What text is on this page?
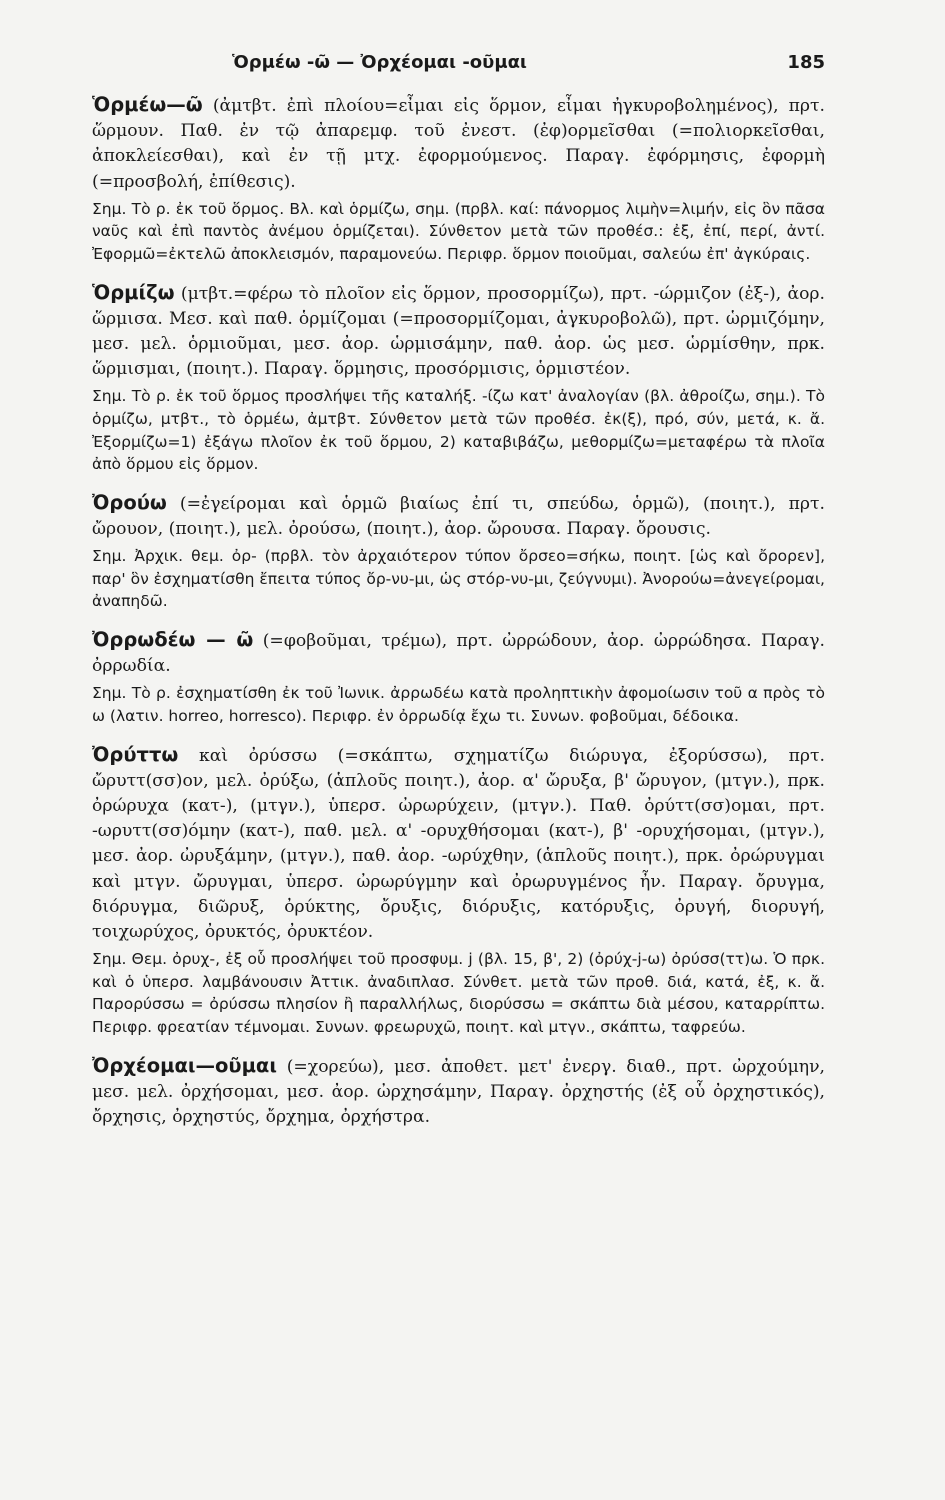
Ὁρμέω -ῶ — Ὀρχέομαι -οῦμαι	185

Ὁρμέω—ῶ (ἀμτβτ. ἐπὶ πλοίου=εἶμαι εἰς ὅρμον, εἶμαι ἠγκυροβολημένος), πρτ. ὥρμουν. Παθ. ἐν τῷ ἀπαρεμφ. τοῦ ἐνεστ. (ἐφ)ορμεῖσθαι (=πολιορκεῖσθαι, ἀποκλείεσθαι), καὶ ἐν τῇ μτχ. ἐφορμούμενος. Παραγ. ἐφόρμησις, ἐφορμὴ (=προσβολή, ἐπίθεσις).

Σημ. Τὸ ρ. ἐκ τοῦ ὅρμος. Βλ. καὶ ὁρμίζω, σημ. (πρβλ. καί: πάνορμος λιμὴν=λιμήν, εἰς ὃν πᾶσα ναῦς καὶ ἐπὶ παντὸς ἀνέμου ὁρμίζεται). Σύνθετον μετὰ τῶν προθέσ.: ἐξ, ἐπί, περί, ἀντί. Ἐφορμῶ=ἐκτελῶ ἀποκλεισμόν, παραμονεύω. Περιφρ. ὅρμον ποιοῦμαι, σαλεύω ἐπ' ἀγκύραις.

Ὁρμίζω (μτβτ.=φέρω τὸ πλοῖον εἰς ὅρμον, προσορμίζω), πρτ. -ώρμιζον (ἐξ-), ἀορ. ὥρμισα. Μεσ. καὶ παθ. ὁρμίζομαι (=προσορμίζομαι, ἀγκυροβολῶ), πρτ. ὡρμιζόμην, μεσ. μελ. ὁρμιοῦμαι, μεσ. ἀορ. ὡρμισάμην, παθ. ἀορ. ὡς μεσ. ὡρμίσθην, πρκ. ὥρμισμαι, (ποιητ.). Παραγ. ὅρμησις, προσόρμισις, ὁρμιστέον.

Σημ. Τὸ ρ. ἐκ τοῦ ὅρμος προσλήψει τῆς καταλήξ. -ίζω κατ' ἀναλογίαν (βλ. ἀθροίζω, σημ.). Τὸ ὁρμίζω, μτβτ., τὸ ὁρμέω, ἀμτβτ. Σύνθετον μετὰ τῶν προθέσ. ἐκ(ξ), πρό, σύν, μετά, κ. ἄ. Ἐξορμίζω=1) ἐξάγω πλοῖον ἐκ τοῦ ὅρμου, 2) καταβιβάζω, μεθορμίζω=μεταφέρω τὰ πλοῖα ἀπὸ ὅρμου εἰς ὅρμον.

Ὀρούω (=ἐγείρομαι καὶ ὁρμῶ βιαίως ἐπί τι, σπεύδω, ὁρμῶ), (ποιητ.), πρτ. ὤρουον, (ποιητ.), μελ. ὀρούσω, (ποιητ.), ἀορ. ὤρουσα. Παραγ. ὄρουσις.

Σημ. Ἀρχικ. θεμ. ὀρ- (πρβλ. τὸν ἀρχαιότερον τύπον ὄρσεο=σήκω, ποιητ. [ὡς καὶ ὄρορεν], παρ' ὃν ἐσχηματίσθη ἔπειτα τύπος ὄρ-νυ-μι, ὡς στόρ-νυ-μι, ζεύγνυμι). Ἀνορούω=ἀνεγείρομαι, ἀναπηδῶ.

Ὀρρωδέω — ῶ (=φοβοῦμαι, τρέμω), πρτ. ὠρρώδουν, ἀορ. ὠρρώδησα. Παραγ. ὀρρωδία.

Σημ. Τὸ ρ. ἐσχηματίσθη ἐκ τοῦ Ἰωνικ. ἀρρωδέω κατὰ προληπτικὴν ἀφομοίωσιν τοῦ α πρὸς τὸ ω (λατιν. horreo, horresco). Περιφρ. ἐν ὀρρωδίᾳ ἔχω τι. Συνων. φοβοῦμαι, δέδοικα.

Ὀρύττω καὶ ὀρύσσω (=σκάπτω, σχηματίζω διώρυγα, ἐξορύσσω), πρτ. ὤρυττ(σσ)ον, μελ. ὀρύξω, (ἁπλοῦς ποιητ.), ἀορ. α' ὤρυξα, β' ὤρυγον, (μτγν.), πρκ. ὀρώρυχα (κατ-), (μτγν.), ὑπερσ. ὠρωρύχειν, (μτγν.). Παθ. ὀρύττ(σσ)ομαι, πρτ. -ωρυττ(σσ)όμην (κατ-), παθ. μελ. α' -ορυχθήσομαι (κατ-), β' -ορυχήσομαι, (μτγν.), μεσ. ἀορ. ὠρυξάμην, (μτγν.), παθ. ἀορ. -ωρύχθην, (ἁπλοῦς ποιητ.), πρκ. ὀρώρυγμαι καὶ μτγν. ὤρυγμαι, ὑπερσ. ὠρωρύγμην καὶ ὀρωρυγμένος ἦν. Παραγ. ὄρυγμα, διόρυγμα, διῶρυξ, ὀρύκτης, ὄρυξις, διόρυξις, κατόρυξις, ὀρυγή, διορυγή, τοιχωρύχος, ὀρυκτός, ὀρυκτέον.

Σημ. Θεμ. ὀρυχ-, ἐξ οὗ προσλήψει τοῦ προσφυμ. j (βλ. 15, β', 2) (ὀρύχ-j-ω) ὀρύσσ(ττ)ω. Ὁ πρκ. καὶ ὁ ὑπερσ. λαμβάνουσιν Ἀττικ. ἀναδιπλασ. Σύνθετ. μετὰ τῶν προθ. διά, κατά, ἐξ, κ. ἄ. Παρορύσσω = ὀρύσσω πλησίον ἢ παραλλήλως, διορύσσω = σκάπτω διὰ μέσου, καταρρίπτω. Περιφρ. φρεατίαν τέμνομαι. Συνων. φρεωρυχῶ, ποιητ. καὶ μτγν., σκάπτω, ταφρεύω.

Ὀρχέομαι—οῦμαι (=χορεύω), μεσ. ἀποθετ. μετ' ἐνεργ. διαθ., πρτ. ὠρχούμην, μεσ. μελ. ὀρχήσομαι, μεσ. ἀορ. ὠρχησάμην, Παραγ. ὀρχηστής (ἐξ οὗ ὀρχηστικός), ὄρχησις, ὀρχηστύς, ὄρχημα, ὀρχήστρα.
